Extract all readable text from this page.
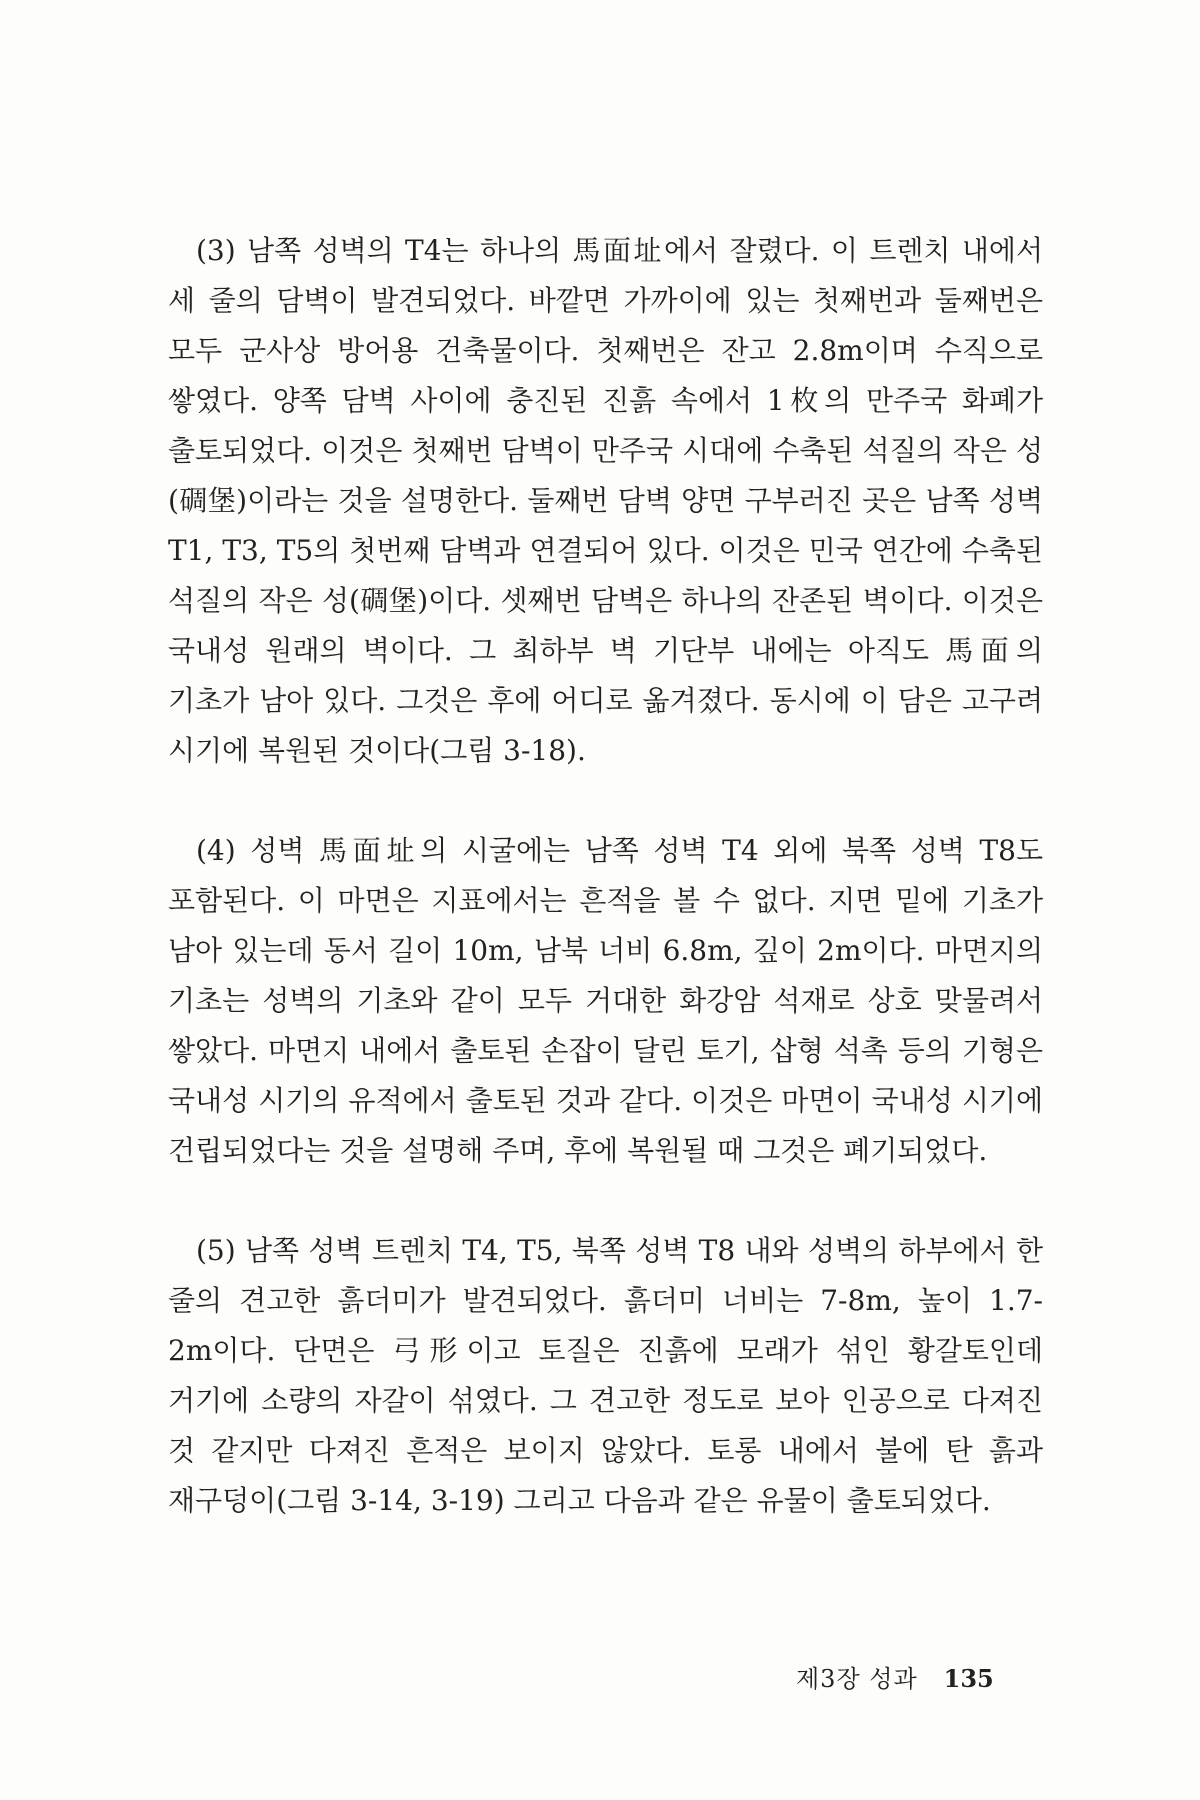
(3) 남쪽 성벽의 T4는 하나의 馬面址에서 잘렸다. 이 트렌치 내에서 세 줄의 담벽이 발견되었다. 바깥면 가까이에 있는 첫째번과 둘째번은 모두 군사상 방어용 건축물이다. 첫째번은 잔고 2.8m이며 수직으로 쌓였다. 양쪽 담벽 사이에 충진된 진흙 속에서 1枚의 만주국 화폐가 출토되었다. 이것은 첫째번 담벽이 만주국 시대에 수축된 석질의 작은 성(碉堡)이라는 것을 설명한다. 둘째번 담벽 양면 구부러진 곳은 남쪽 성벽 T1, T3, T5의 첫번째 담벽과 연결되어 있다. 이것은 민국 연간에 수축된 석질의 작은 성(碉堡)이다. 셋째번 담벽은 하나의 잔존된 벽이다. 이것은 국내성 원래의 벽이다. 그 최하부 벽 기단부 내에는 아직도 馬面의 기초가 남아 있다. 그것은 후에 어디로 옮겨졌다. 동시에 이 담은 고구려 시기에 복원된 것이다(그림 3-18).

(4) 성벽 馬面址의 시굴에는 남쪽 성벽 T4 외에 북쪽 성벽 T8도 포함된다. 이 마면은 지표에서는 흔적을 볼 수 없다. 지면 밑에 기초가 남아 있는데 동서 길이 10m, 남북 너비 6.8m, 깊이 2m이다. 마면지의 기초는 성벽의 기초와 같이 모두 거대한 화강암 석재로 상호 맞물려서 쌓았다. 마면지 내에서 출토된 손잡이 달린 토기, 삽형 석촉 등의 기형은 국내성 시기의 유적에서 출토된 것과 같다. 이것은 마면이 국내성 시기에 건립되었다는 것을 설명해 주며, 후에 복원될 때 그것은 폐기되었다.

(5) 남쪽 성벽 트렌치 T4, T5, 북쪽 성벽 T8 내와 성벽의 하부에서 한 줄의 견고한 흙더미가 발견되었다. 흙더미 너비는 7-8m, 높이 1.7-2m이다. 단면은 弓形이고 토질은 진흙에 모래가 섞인 황갈토인데 거기에 소량의 자갈이 섞였다. 그 견고한 정도로 보아 인공으로 다져진 것 같지만 다져진 흔적은 보이지 않았다. 토롱 내에서 불에 탄 흙과 재구덩이(그림 3-14, 3-19) 그리고 다음과 같은 유물이 출토되었다.

제3장 성과 135
